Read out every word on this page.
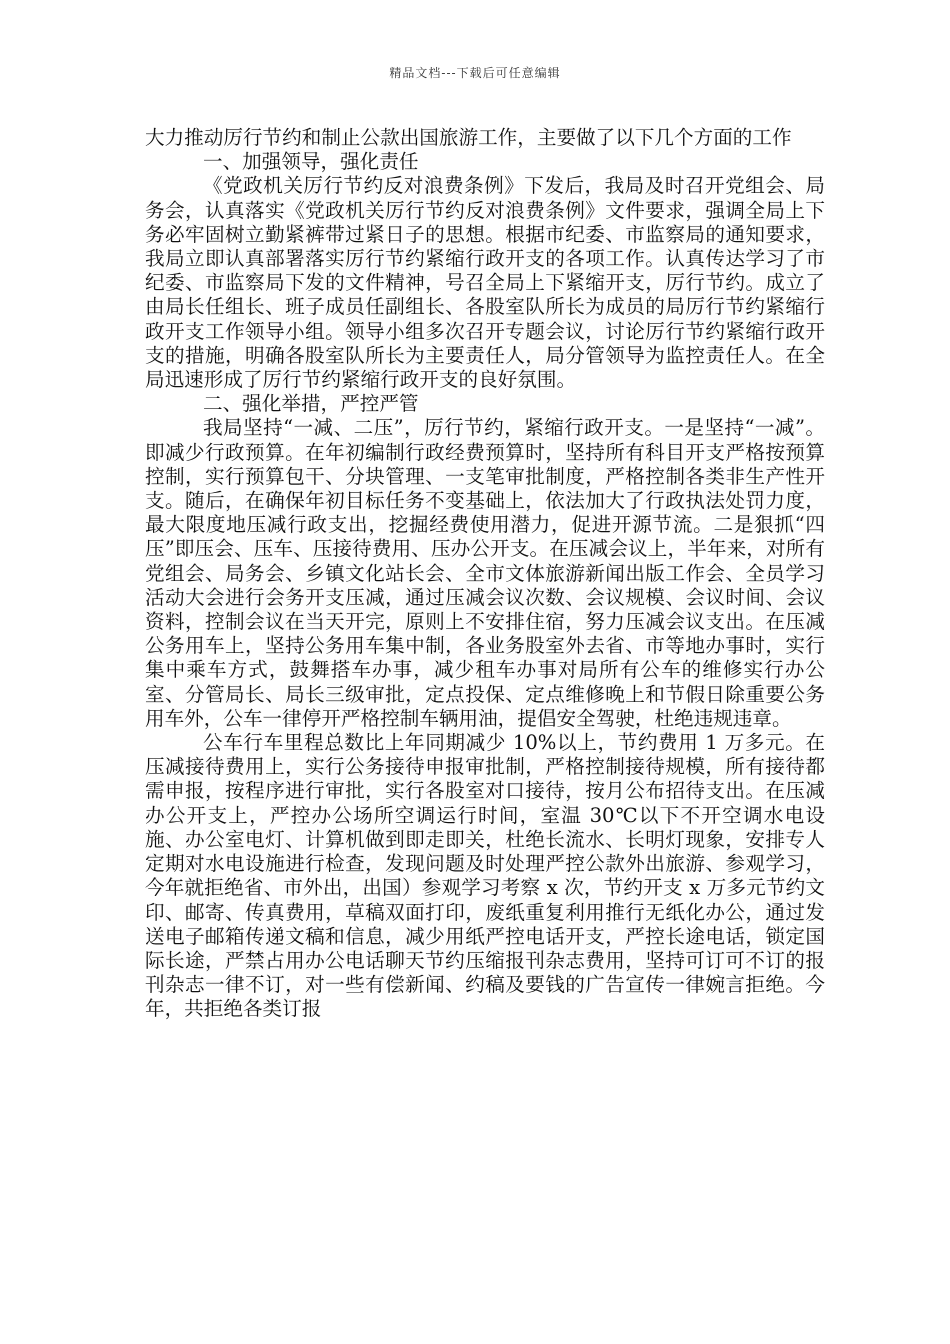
精品文档---下载后可任意编辑

大力推动厉行节约和制止公款出国旅游工作，主要做了以下几个方面的工作

一、加强领导，强化责任

《党政机关厉行节约反对浪费条例》下发后，我局及时召开党组会、局务会，认真落实《党政机关厉行节约反对浪费条例》文件要求，强调全局上下务必牢固树立勤紧裤带过紧日子的思想。根据市纪委、市监察局的通知要求，我局立即认真部署落实厉行节约紧缩行政开支的各项工作。认真传达学习了市纪委、市监察局下发的文件精神，号召全局上下紧缩开支，厉行节约。成立了由局长任组长、班子成员任副组长、各股室队所长为成员的局厉行节约紧缩行政开支工作领导小组。领导小组多次召开专题会议，讨论厉行节约紧缩行政开支的措施，明确各股室队所长为主要责任人，局分管领导为监控责任人。在全局迅速形成了厉行节约紧缩行政开支的良好氛围。

二、强化举措，严控严管

我局坚持“一减、二压”，厉行节约，紧缩行政开支。一是坚持“一减”。即减少行政预算。在年初编制行政经费预算时，坚持所有科目开支严格按预算控制，实行预算包干、分块管理、一支笔审批制度，严格控制各类非生产性开支。随后，在确保年初目标任务不变基础上，依法加大了行政执法处罚力度，最大限度地压减行政支出，挖掘经费使用潜力，促进开源节流。二是狠抓“四压”即压会、压车、压接待费用、压办公开支。在压减会议上，半年来，对所有党组会、局务会、乡镇文化站长会、全市文体旅游新闻出版工作会、全员学习活动大会进行会务开支压减，通过压减会议次数、会议规模、会议时间、会议资料，控制会议在当天开完，原则上不安排住宿，努力压减会议支出。在压减公务用车上，坚持公务用车集中制，各业务股室外去省、市等地办事时，实行集中乘车方式，鼓舞搭车办事，减少租车办事对局所有公车的维修实行办公室、分管局长、局长三级审批，定点投保、定点维修晚上和节假日除重要公务用车外，公车一律停开严格控制车辆用油，提倡安全驾驶，杜绝违规违章。

公车行车里程总数比上年同期减少 10%以上，节约费用 1 万多元。在压减接待费用上，实行公务接待申报审批制，严格控制接待规模，所有接待都需申报，按程序进行审批，实行各股室对口接待，按月公布招待支出。在压减办公开支上，严控办公场所空调运行时间，室温 30℃以下不开空调水电设施、办公室电灯、计算机做到即走即关，杜绝长流水、长明灯现象，安排专人定期对水电设施进行检查，发现问题及时处理严控公款外出旅游、参观学习，今年就拒绝省、市外出，出国）参观学习考察 x 次，节约开支 x 万多元节约文印、邮寄、传真费用，草稿双面打印，废纸重复利用推行无纸化办公，通过发送电子邮箱传递文稿和信息，减少用纸严控电话开支，严控长途电话，锁定国际长途，严禁占用办公电话聊天节约压缩报刊杂志费用，坚持可订可不订的报刊杂志一律不订，对一些有偿新闻、约稿及要钱的广告宣传一律婉言拒绝。今年，共拒绝各类订报
